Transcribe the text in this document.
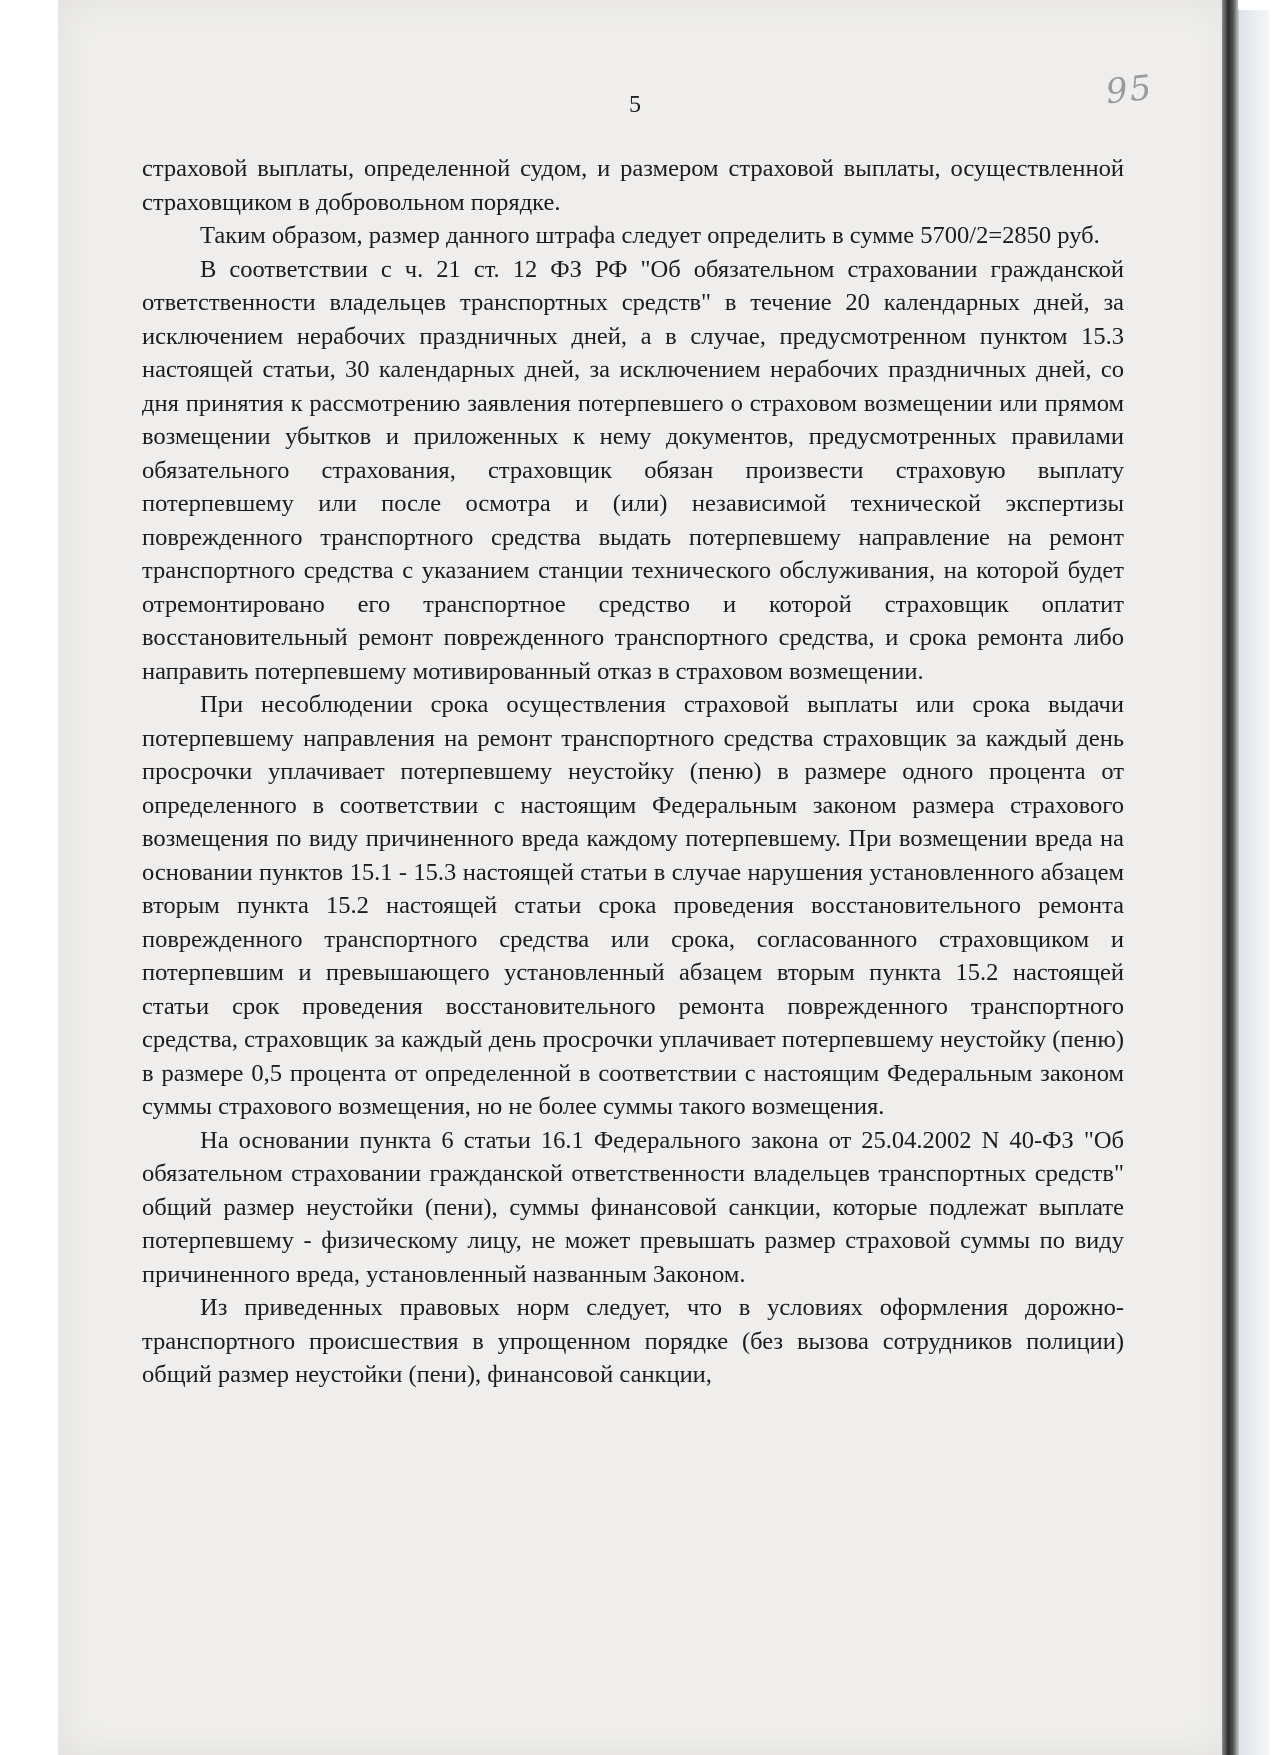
5	95

страховой выплаты, определенной судом, и размером страховой выплаты, осуществленной страховщиком в добровольном порядке.

Таким образом, размер данного штрафа следует определить в сумме 5700/2=2850 руб.

В соответствии с ч. 21 ст. 12 ФЗ РФ "Об обязательном страховании гражданской ответственности владельцев транспортных средств" в течение 20 календарных дней, за исключением нерабочих праздничных дней, а в случае, предусмотренном пунктом 15.3 настоящей статьи, 30 календарных дней, за исключением нерабочих праздничных дней, со дня принятия к рассмотрению заявления потерпевшего о страховом возмещении или прямом возмещении убытков и приложенных к нему документов, предусмотренных правилами обязательного страхования, страховщик обязан произвести страховую выплату потерпевшему или после осмотра и (или) независимой технической экспертизы поврежденного транспортного средства выдать потерпевшему направление на ремонт транспортного средства с указанием станции технического обслуживания, на которой будет отремонтировано его транспортное средство и которой страховщик оплатит восстановительный ремонт поврежденного транспортного средства, и срока ремонта либо направить потерпевшему мотивированный отказ в страховом возмещении.

При несоблюдении срока осуществления страховой выплаты или срока выдачи потерпевшему направления на ремонт транспортного средства страховщик за каждый день просрочки уплачивает потерпевшему неустойку (пеню) в размере одного процента от определенного в соответствии с настоящим Федеральным законом размера страхового возмещения по виду причиненного вреда каждому потерпевшему. При возмещении вреда на основании пунктов 15.1 - 15.3 настоящей статьи в случае нарушения установленного абзацем вторым пункта 15.2 настоящей статьи срока проведения восстановительного ремонта поврежденного транспортного средства или срока, согласованного страховщиком и потерпевшим и превышающего установленный абзацем вторым пункта 15.2 настоящей статьи срок проведения восстановительного ремонта поврежденного транспортного средства, страховщик за каждый день просрочки уплачивает потерпевшему неустойку (пеню) в размере 0,5 процента от определенной в соответствии с настоящим Федеральным законом суммы страхового возмещения, но не более суммы такого возмещения.

На основании пункта 6 статьи 16.1 Федерального закона от 25.04.2002 N 40-ФЗ "Об обязательном страховании гражданской ответственности владельцев транспортных средств" общий размер неустойки (пени), суммы финансовой санкции, которые подлежат выплате потерпевшему - физическому лицу, не может превышать размер страховой суммы по виду причиненного вреда, установленный названным Законом.

Из приведенных правовых норм следует, что в условиях оформления дорожно-транспортного происшествия в упрощенном порядке (без вызова сотрудников полиции) общий размер неустойки (пени), финансовой санкции,
